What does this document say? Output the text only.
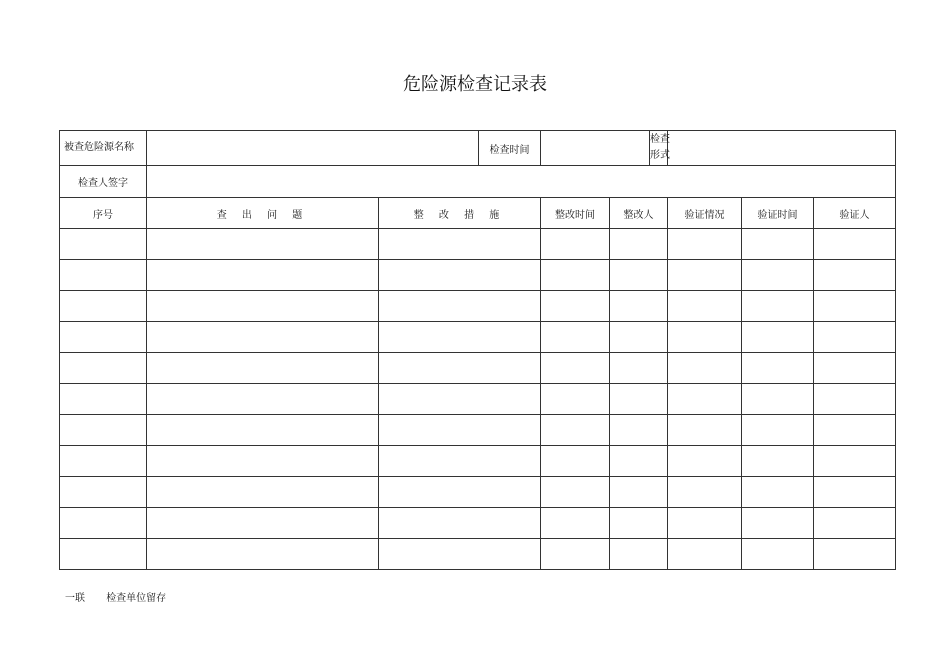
危险源检查记录表
被查危险源名称			检查时间			检查形式			
检查人签字									
序号	查 出 问 题	整 改 措 施		整改时间	整改人		验证情况	验证时间	验证人

一联 检查单位留存
